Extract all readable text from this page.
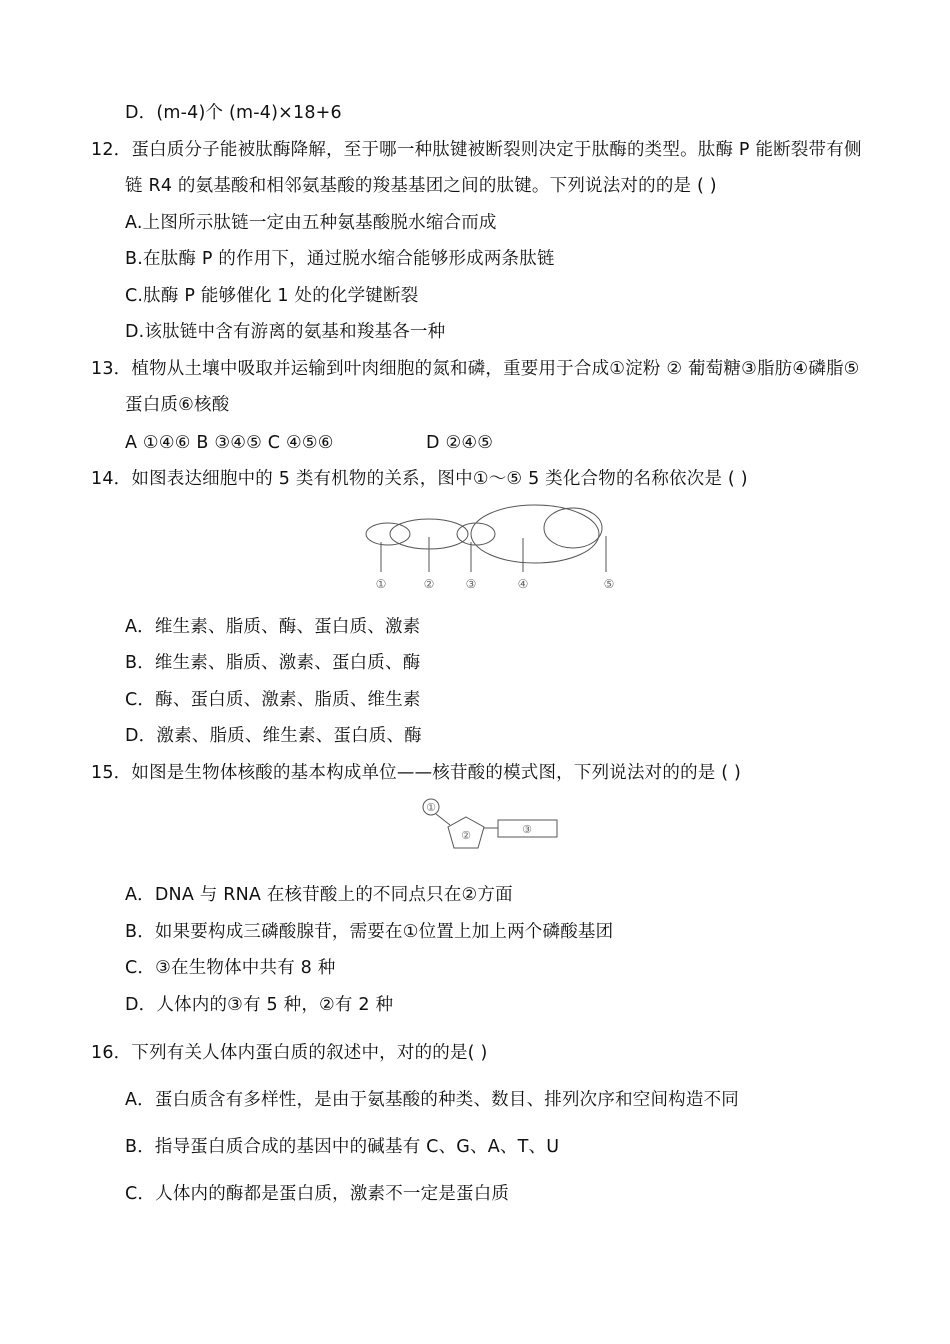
D．(m-4)个 (m-4)×18+6
12．蛋白质分子能被肽酶降解，至于哪一种肽键被断裂则决定于肽酶的类型。肽酶 P 能断裂带有侧
链 R4 的氨基酸和相邻氨基酸的羧基基团之间的肽键。下列说法对的的是 ( )
A.上图所示肽链一定由五种氨基酸脱水缩合而成
B.在肽酶 P 的作用下，通过脱水缩合能够形成两条肽链
C.肽酶 P 能够催化 1 处的化学键断裂
D.该肽链中含有游离的氨基和羧基各一种
13．植物从土壤中吸取并运输到叶肉细胞的氮和磷，重要用于合成①淀粉 ② 葡萄糖③脂肪④磷脂⑤
蛋白质⑥核酸
A ①④⑥ B ③④⑤ C ④⑤⑥	D ②④⑤
14．如图表达细胞中的 5 类有机物的关系，图中①～⑤ 5 类化合物的名称依次是 ( )
①	②	③	④	⑤
A．维生素、脂质、酶、蛋白质、激素
B．维生素、脂质、激素、蛋白质、酶
C．酶、蛋白质、激素、脂质、维生素
D．激素、脂质、维生素、蛋白质、酶
15．如图是生物体核酸的基本构成单位——核苷酸的模式图，下列说法对的的是 ( )
①
②	③
A．DNA 与 RNA 在核苷酸上的不同点只在②方面
B．如果要构成三磷酸腺苷，需要在①位置上加上两个磷酸基团
C．③在生物体中共有 8 种
D．人体内的③有 5 种，②有 2 种
16．下列有关人体内蛋白质的叙述中，对的的是( )
A．蛋白质含有多样性，是由于氨基酸的种类、数目、排列次序和空间构造不同
B．指导蛋白质合成的基因中的碱基有 C、G、A、T、U
C．人体内的酶都是蛋白质，激素不一定是蛋白质
